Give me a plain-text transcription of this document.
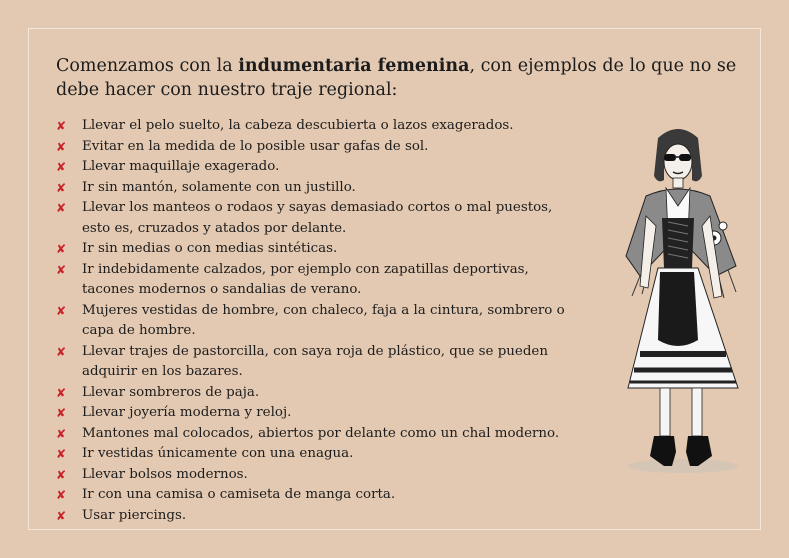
Comenzamos con la indumentaria femenina, con ejemplos de lo que no se debe hacer con nuestro traje regional:

✘	Llevar el pelo suelto, la cabeza descubierta o lazos exagerados.
✘	Evitar en la medida de lo posible usar gafas de sol.
✘	Llevar maquillaje exagerado.
✘	Ir sin mantón, solamente con un justillo.
✘	Llevar los manteos o rodaos y sayas demasiado cortos o mal puestos, esto es, cruzados y atados por delante.
✘	Ir sin medias o con medias sintéticas.
✘	Ir indebidamente calzados, por ejemplo con zapatillas deportivas, tacones modernos o sandalias de verano.
✘	Mujeres vestidas de hombre, con chaleco, faja a la cintura, sombrero o capa de hombre.
✘	Llevar trajes de pastorcilla, con saya roja de plástico, que se pueden adquirir en los bazares.
✘	Llevar sombreros de paja.
✘	Llevar joyería moderna y reloj.
✘	Mantones mal colocados, abiertos por delante como un chal moderno.
✘	Ir vestidas únicamente con una enagua.
✘	Llevar bolsos modernos.
✘	Ir con una camisa o camiseta de manga corta.
✘	Usar piercings.
